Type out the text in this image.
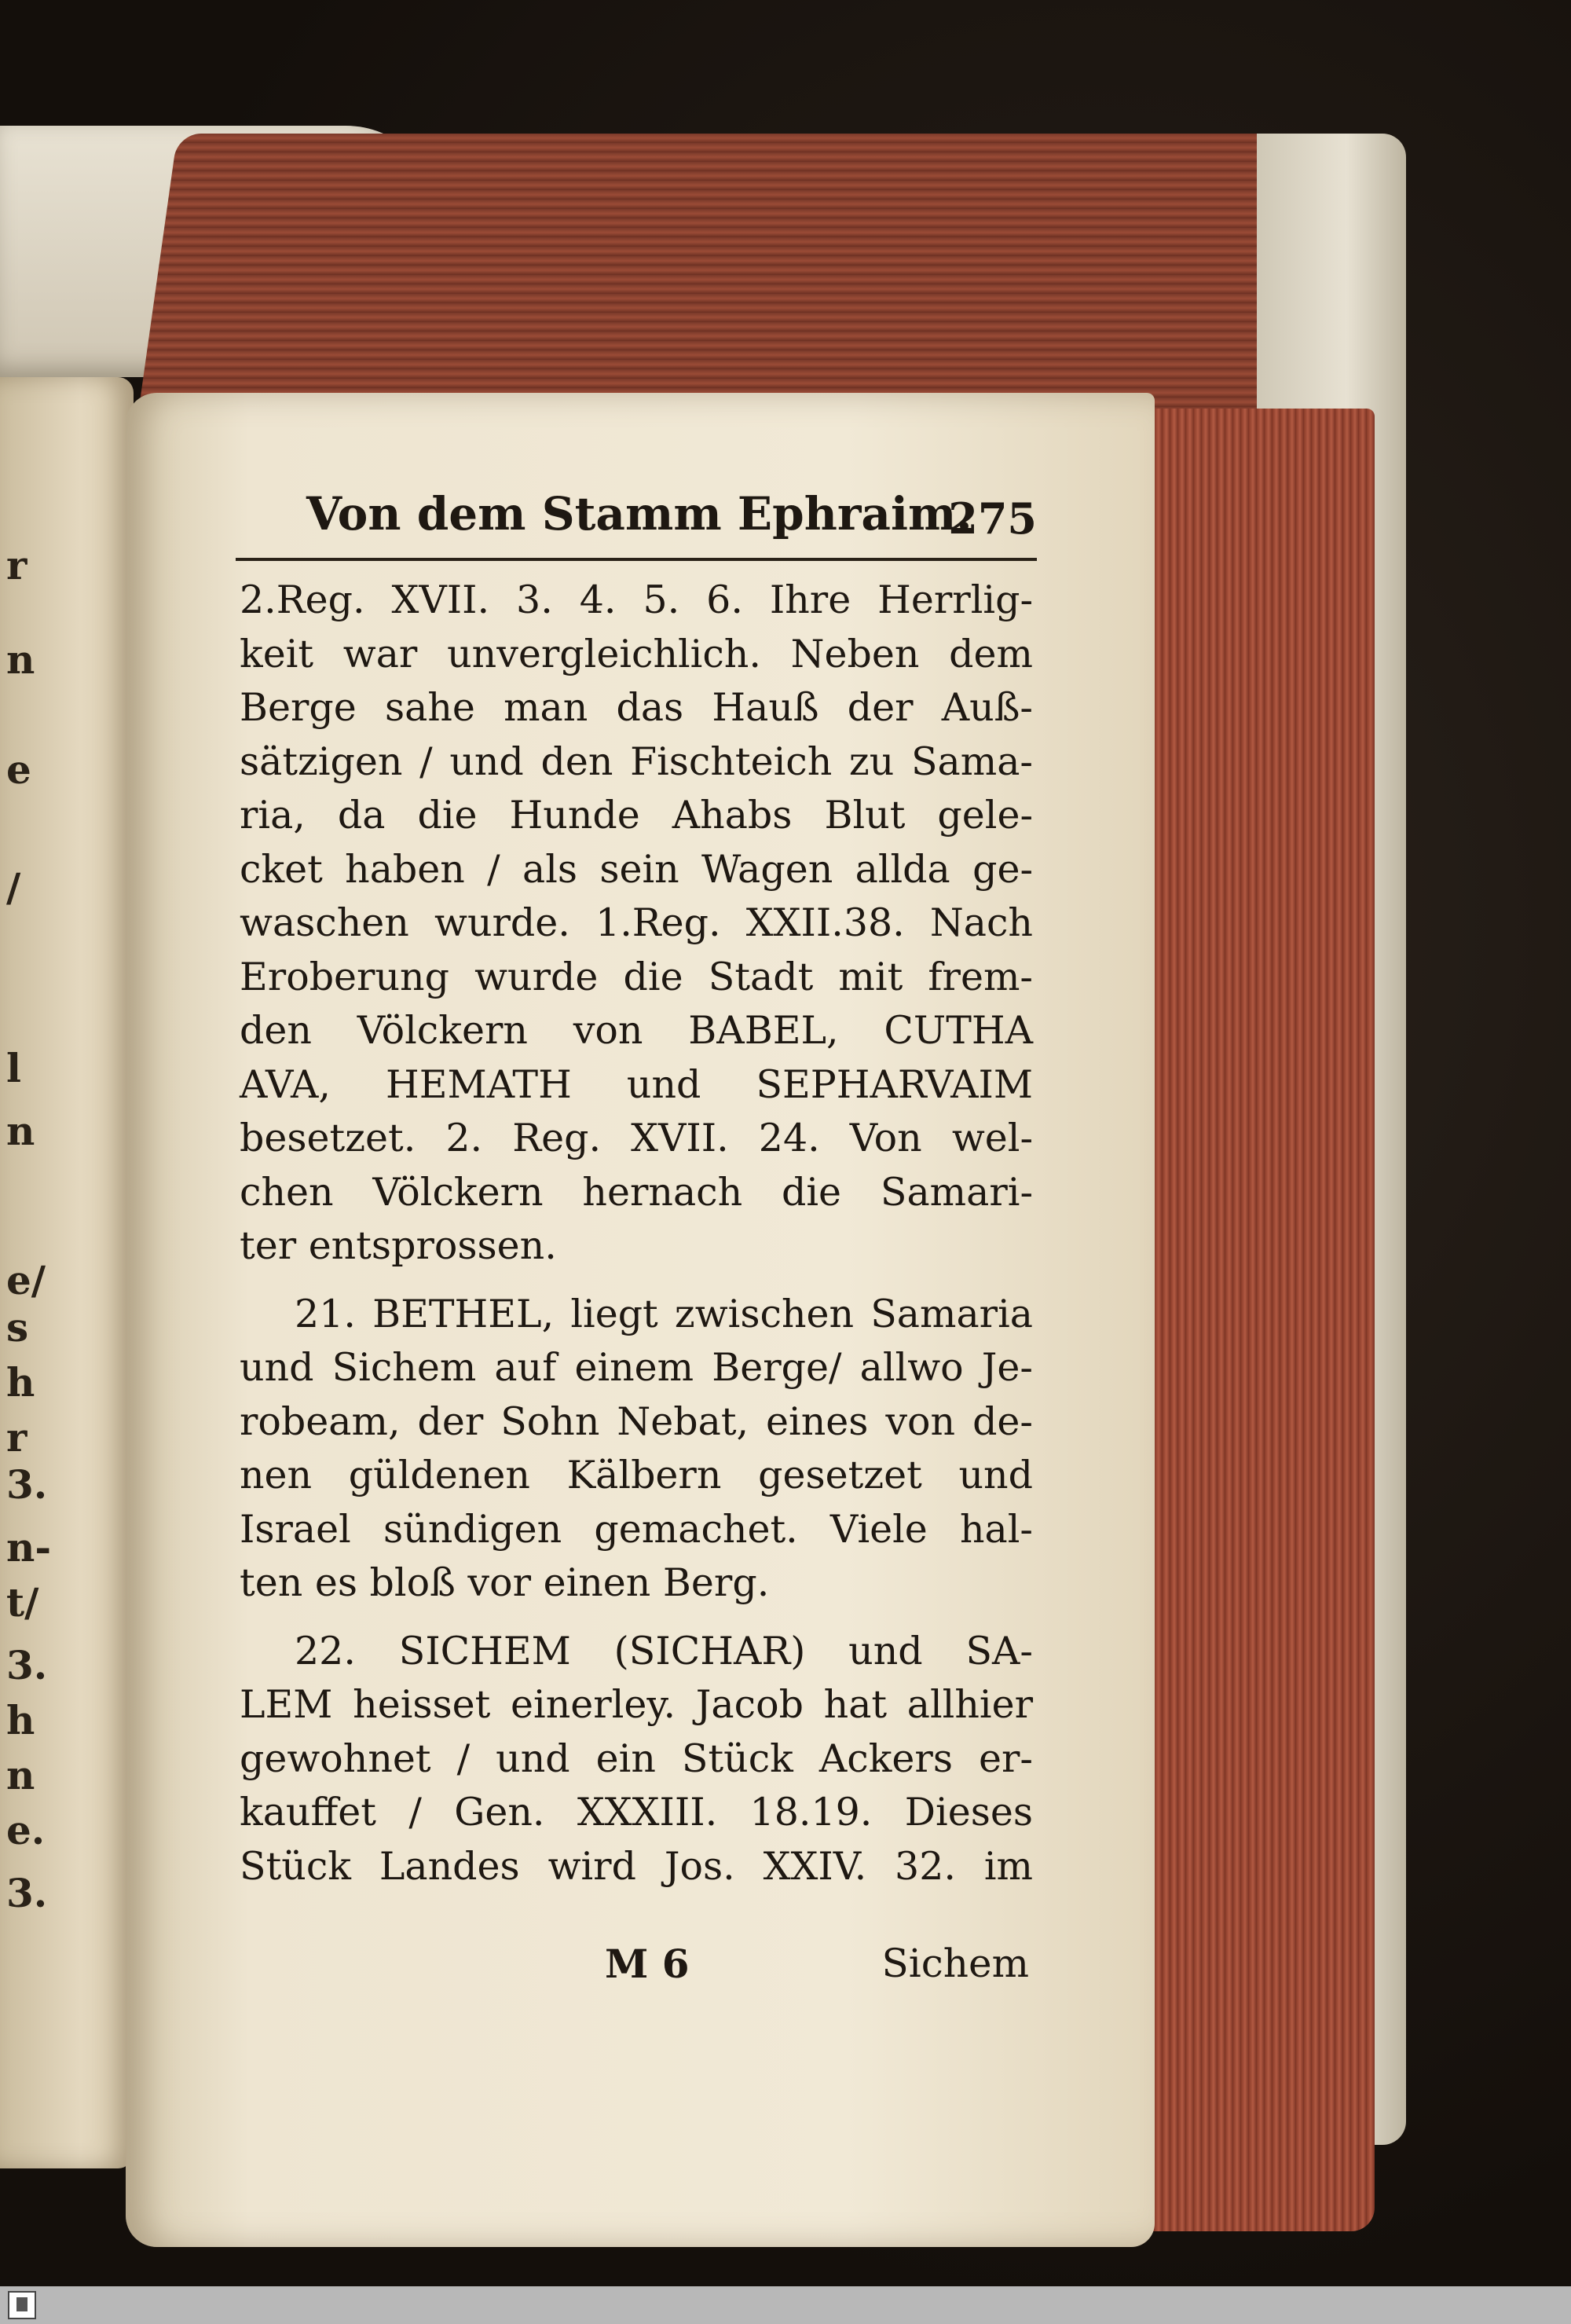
r
n
e
/
l
n
e/
s
h
r
3.
n-
t/
3.
h
n
e.
3.
Von dem Stamm Ephraim.
275
2.Reg. XVII. 3. 4. 5. 6. Ihre Herrlig-
keit war unvergleichlich. Neben dem
Berge sahe man das Hauß der Auß-
sätzigen / und den Fischteich zu Sama-
ria, da die Hunde Ahabs Blut gele-
cket haben / als sein Wagen allda ge-
waschen wurde. 1.Reg. XXII.38. Nach
Eroberung wurde die Stadt mit frem-
den Völckern von BABEL, CUTHA
AVA, HEMATH und SEPHARVAIM
besetzet. 2. Reg. XVII. 24. Von wel-
chen Völckern hernach die Samari-
ter entsprossen.
21. BETHEL, liegt zwischen Samaria
und Sichem auf einem Berge/ allwo Je-
robeam, der Sohn Nebat, eines von de-
nen güldenen Kälbern gesetzet und
Israel sündigen gemachet. Viele hal-
ten es bloß vor einen Berg.
22. SICHEM (SICHAR) und SA-
LEM heisset einerley. Jacob hat allhier
gewohnet / und ein Stück Ackers er-
kauffet / Gen. XXXIII. 18.19. Dieses
Stück Landes wird Jos. XXIV. 32. im
M 6	Sichem
